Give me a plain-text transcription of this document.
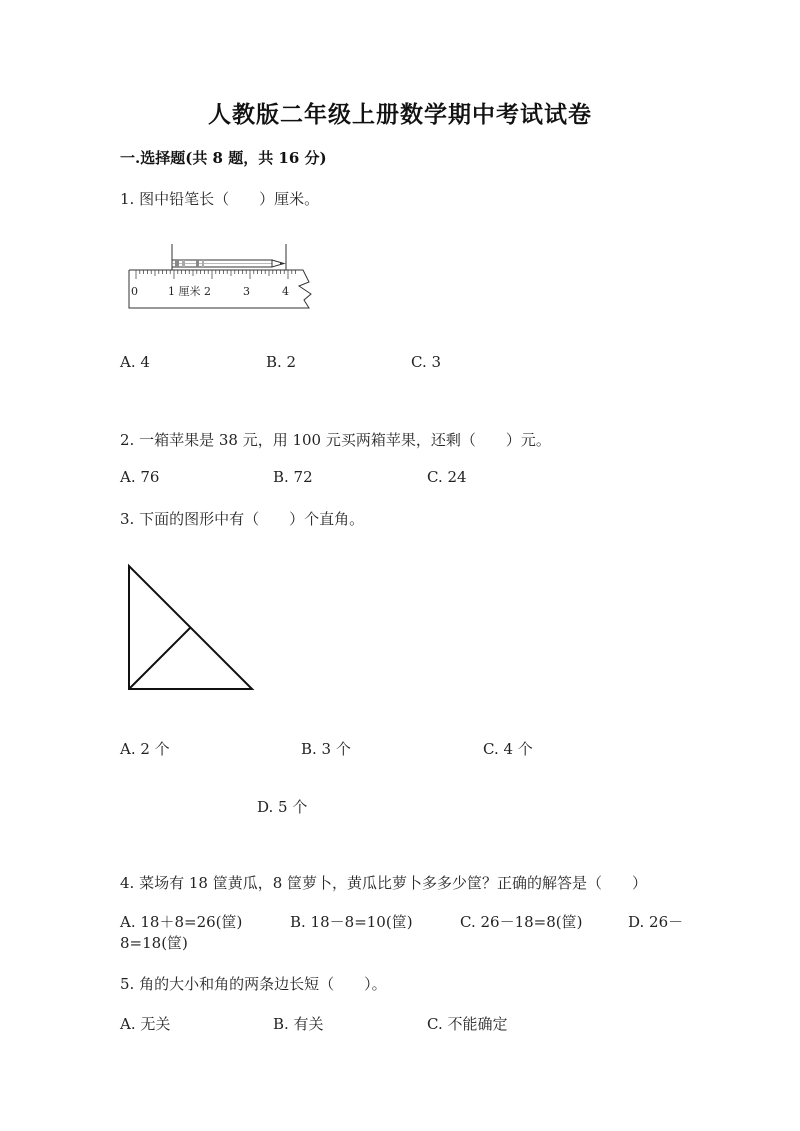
人教版二年级上册数学期中考试试卷
一.选择题(共 8 题，共 16 分)
1. 图中铅笔长（　　）厘米。
0	1 厘米 2	3	4
A. 4	B. 2	C. 3
2. 一箱苹果是 38 元，用 100 元买两箱苹果，还剩（　　）元。
A. 76	B. 72	C. 24
3. 下面的图形中有（　　）个直角。
A. 2 个	B. 3 个	C. 4 个
D. 5 个
4. 菜场有 18 筐黄瓜，8 筐萝卜，黄瓜比萝卜多多少筐？正确的解答是（　　）
A. 18＋8=26(筐)	B. 18－8=10(筐)	C. 26－18=8(筐)	D. 26－
8=18(筐)
5. 角的大小和角的两条边长短（　　）。
A. 无关	B. 有关	C. 不能确定
